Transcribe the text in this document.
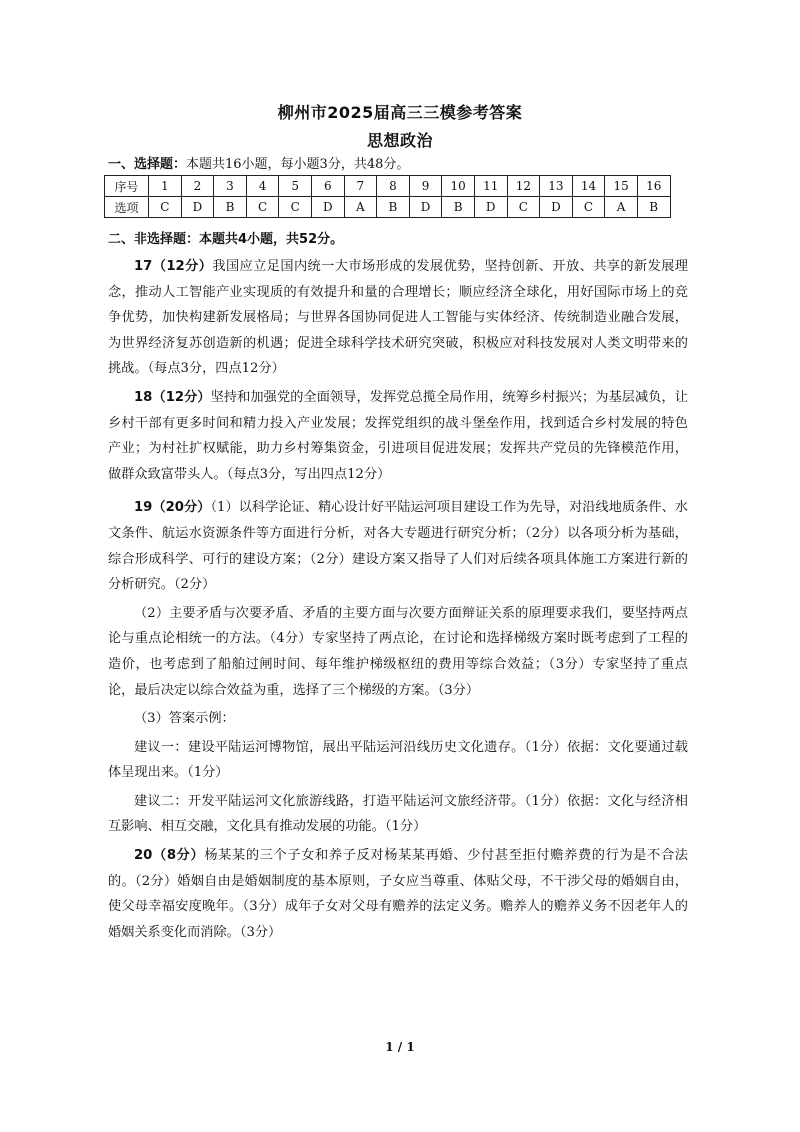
柳州市2025届高三三模参考答案
思想政治
一、选择题：本题共16小题，每小题3分，共48分。
序号	1	2	3	4	5	6	7	8	9	10	11	12	13	14	15	16
选项	C	D	B	C	C	D	A	B	D	B	D	C	D	C	A	B
二、非选择题：本题共4小题，共52分。

17（12分）我国应立足国内统一大市场形成的发展优势，坚持创新、开放、共享的新发展理念，推动人工智能产业实现质的有效提升和量的合理增长；顺应经济全球化，用好国际市场上的竞争优势，加快构建新发展格局；与世界各国协同促进人工智能与实体经济、传统制造业融合发展，为世界经济复苏创造新的机遇；促进全球科学技术研究突破，积极应对科技发展对人类文明带来的挑战。（每点3分，四点12分）

18（12分）坚持和加强党的全面领导，发挥党总揽全局作用，统筹乡村振兴；为基层减负，让乡村干部有更多时间和精力投入产业发展；发挥党组织的战斗堡垒作用，找到适合乡村发展的特色产业；为村社扩权赋能，助力乡村筹集资金，引进项目促进发展；发挥共产党员的先锋模范作用，做群众致富带头人。（每点3分，写出四点12分）

19（20分）（1）以科学论证、精心设计好平陆运河项目建设工作为先导，对沿线地质条件、水文条件、航运水资源条件等方面进行分析，对各大专题进行研究分析；（2分）以各项分析为基础，综合形成科学、可行的建设方案；（2分）建设方案又指导了人们对后续各项具体施工方案进行新的分析研究。（2分）

（2）主要矛盾与次要矛盾、矛盾的主要方面与次要方面辩证关系的原理要求我们，要坚持两点论与重点论相统一的方法。（4分）专家坚持了两点论，在讨论和选择梯级方案时既考虑到了工程的造价，也考虑到了船舶过闸时间、每年维护梯级枢纽的费用等综合效益；（3分）专家坚持了重点论，最后决定以综合效益为重，选择了三个梯级的方案。（3分）

（3）答案示例：

建议一：建设平陆运河博物馆，展出平陆运河沿线历史文化遗存。（1分）依据：文化要通过载体呈现出来。（1分）

建议二：开发平陆运河文化旅游线路，打造平陆运河文旅经济带。（1分）依据：文化与经济相互影响、相互交融，文化具有推动发展的功能。（1分）

20（8分）杨某某的三个子女和养子反对杨某某再婚、少付甚至拒付赡养费的行为是不合法的。（2分）婚姻自由是婚姻制度的基本原则，子女应当尊重、体贴父母，不干涉父母的婚姻自由，使父母幸福安度晚年。（3分）成年子女对父母有赡养的法定义务。赡养人的赡养义务不因老年人的婚姻关系变化而消除。（3分）

1 / 1
